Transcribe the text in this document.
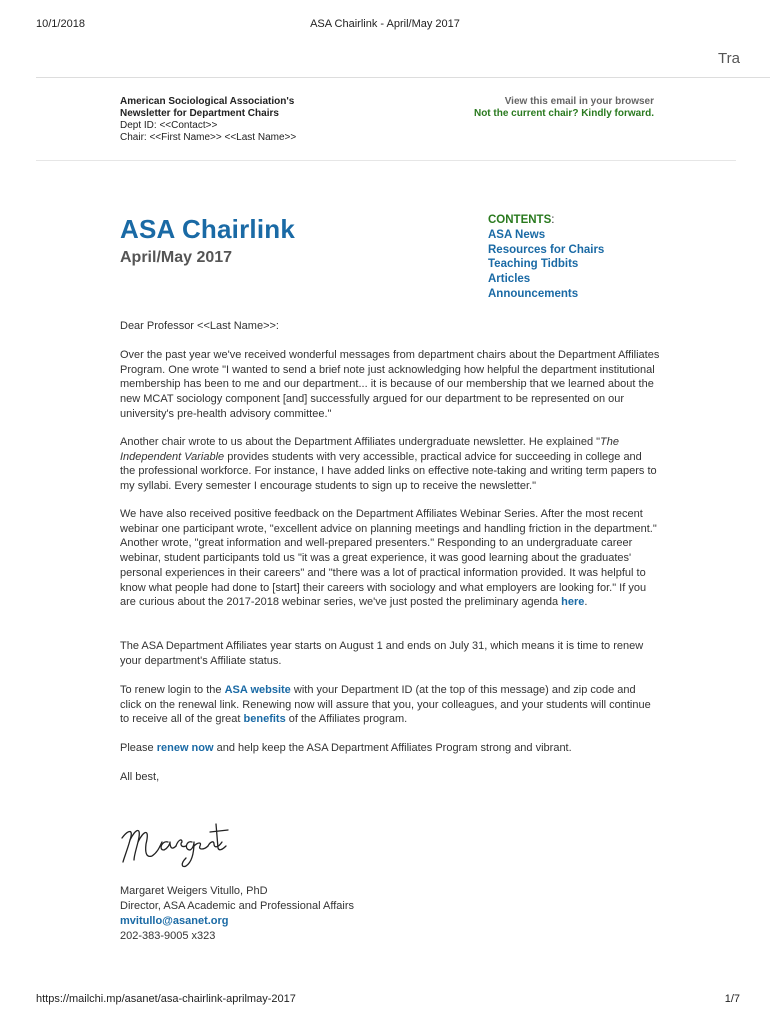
10/1/2018	ASA Chairlink - April/May 2017
Tra
American Sociological Association's
Newsletter for Department Chairs
Dept ID: <<Contact>>
Chair: <<First Name>> <<Last Name>>
View this email in your browser
Not the current chair? Kindly forward.
ASA Chairlink
April/May 2017
CONTENTS:
ASA News
Resources for Chairs
Teaching Tidbits
Articles
Announcements
Dear Professor <<Last Name>>:

Over the past year we've received wonderful messages from department chairs about the Department Affiliates Program. One wrote "I wanted to send a brief note just acknowledging how helpful the department institutional membership has been to me and our department... it is because of our membership that we learned about the new MCAT sociology component [and] successfully argued for our department to be represented on our university's pre-health advisory committee."

Another chair wrote to us about the Department Affiliates undergraduate newsletter. He explained "The Independent Variable provides students with very accessible, practical advice for succeeding in college and the professional workforce. For instance, I have added links on effective note-taking and writing term papers to my syllabi. Every semester I encourage students to sign up to receive the newsletter."

We have also received positive feedback on the Department Affiliates Webinar Series. After the most recent webinar one participant wrote, "excellent advice on planning meetings and handling friction in the department." Another wrote, "great information and well-prepared presenters." Responding to an undergraduate career webinar, student participants told us "it was a great experience, it was good learning about the graduates' personal experiences in their careers" and "there was a lot of practical information provided. It was helpful to know what people had done to [start] their careers with sociology and what employers are looking for." If you are curious about the 2017-2018 webinar series, we've just posted the preliminary agenda here.

The ASA Department Affiliates year starts on August 1 and ends on July 31, which means it is time to renew your department's Affiliate status.

To renew login to the ASA website with your Department ID (at the top of this message) and zip code and click on the renewal link. Renewing now will assure that you, your colleagues, and your students will continue to receive all of the great benefits of the Affiliates program.

Please renew now and help keep the ASA Department Affiliates Program strong and vibrant.

All best,
Margaret Weigers Vitullo, PhD
Director, ASA Academic and Professional Affairs
mvitullo@asanet.org
202-383-9005 x323
https://mailchi.mp/asanet/asa-chairlink-aprilmay-2017	1/7
